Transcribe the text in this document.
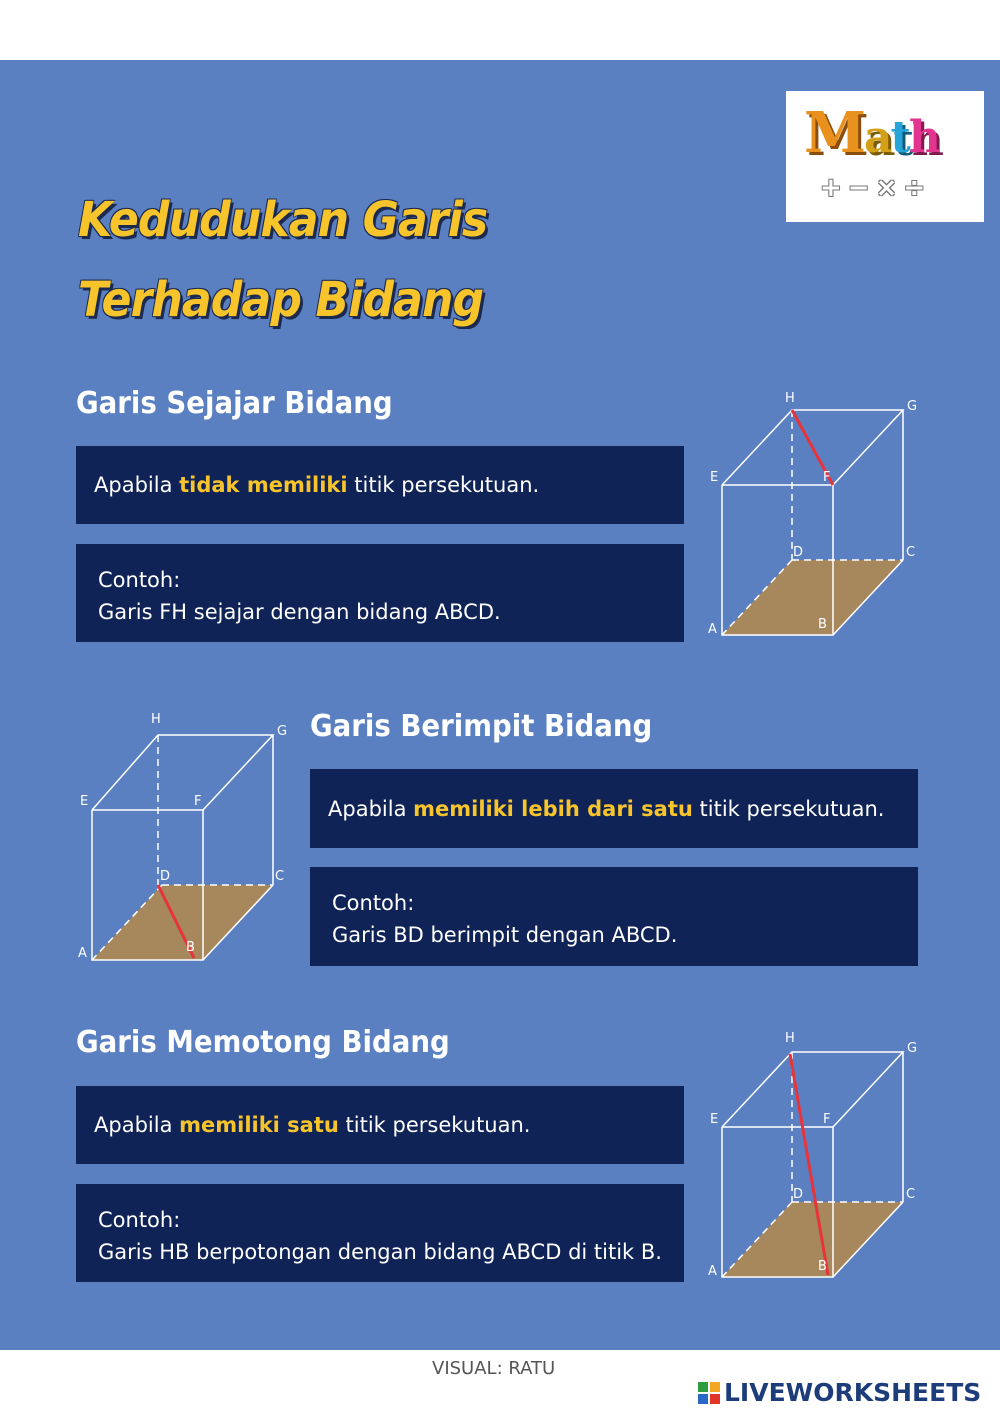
Math
+−×÷
Kedudukan Garis
Terhadap Bidang
Garis Sejajar Bidang
Apabila tidak memiliki titik persekutuan.
Contoh:
Garis FH sejajar dengan bidang ABCD.
H
G
E	F
D	C
A	B
H
G
E	F
D	C
A	B
Garis Berimpit Bidang
Apabila memiliki lebih dari satu titik persekutuan.
Contoh:
Garis BD berimpit dengan ABCD.
Garis Memotong Bidang
Apabila memiliki satu titik persekutuan.
Contoh:
Garis HB berpotongan dengan bidang ABCD di titik B.
H
G
E	F
D	C
A	B
VISUAL: RATU
LIVEWORKSHEETS
